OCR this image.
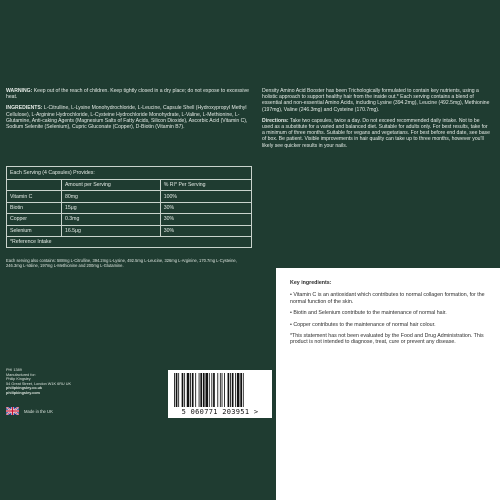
WARNING: Keep out of the reach of children. Keep tightly closed in a dry place; do not expose to excessive heat.

INGREDIENTS: L-Citrulline, L-Lysine Monohydrochloride, L-Leucine, Capsule Shell (Hydroxypropyl Methyl Cellulose), L-Arginine Hydrochloride, L-Cysteine Hydrochloride Monohydrate, L-Valine, L-Methionine, L-Glutamine, Anti-caking Agents (Magnesium Salts of Fatty Acids, Silicon Dioxide), Ascorbic Acid (Vitamin C), Sodium Selenite (Selenium), Cupric Gluconate (Copper), D-Biotin (Vitamin B7).

Each Serving (4 Capsules) Provides:		
	Amount per Serving	% RI* Per Serving
Vitamin C	80mg	100%
Biotin	15μg	30%
Copper	0.3mg	30%
Selenium	16.5μg	30%
*Reference Intake		
Each serving also contains: 588mg L-Citrulline, 394.2mg L-Lysine, 492.5mg L-Leucine, 326mg L-Arginine, 170.7mg L-Cysteine, 246.3mg L-Valine, 197mg L-Methionine and 200mg L-Glutamine.

Density Amino Acid Booster has been Trichologically formulated to contain key nutrients, using a holistic approach to support healthy hair from the inside out.* Each serving contains a blend of essential and non-essential Amino Acids, including Lysine (394.2mg), Leucine (492.5mg), Methionine (197mg), Valine (246.3mg) and Cysteine (170.7mg).

Directions: Take two capsules, twice a day. Do not exceed recommended daily intake. Not to be used as a substitute for a varied and balanced diet. Suitable for adults only. For best results, take for a minimum of three months. Suitable for vegans and vegetarians. For best before end date, see base of box. Be patient. Visible improvements in hair quality can take up to three months, however you'll likely see quicker results in your nails.

PHI 1389
Manufactured for:
Philip Kingsley
54 Great Street, London W1K 6RU UK
philipkingsley.co.uk
philipkingsley.com
Made in the UK	5 060771 203951 >

Key ingredients:

• Vitamin C is an antioxidant which contributes to normal collagen formation, for the normal function of the skin.

• Biotin and Selenium contribute to the maintenance of normal hair.

• Copper contributes to the maintenance of normal hair colour.

*This statement has not been evaluated by the Food and Drug Administration. This product is not intended to diagnose, treat, cure or prevent any disease.
